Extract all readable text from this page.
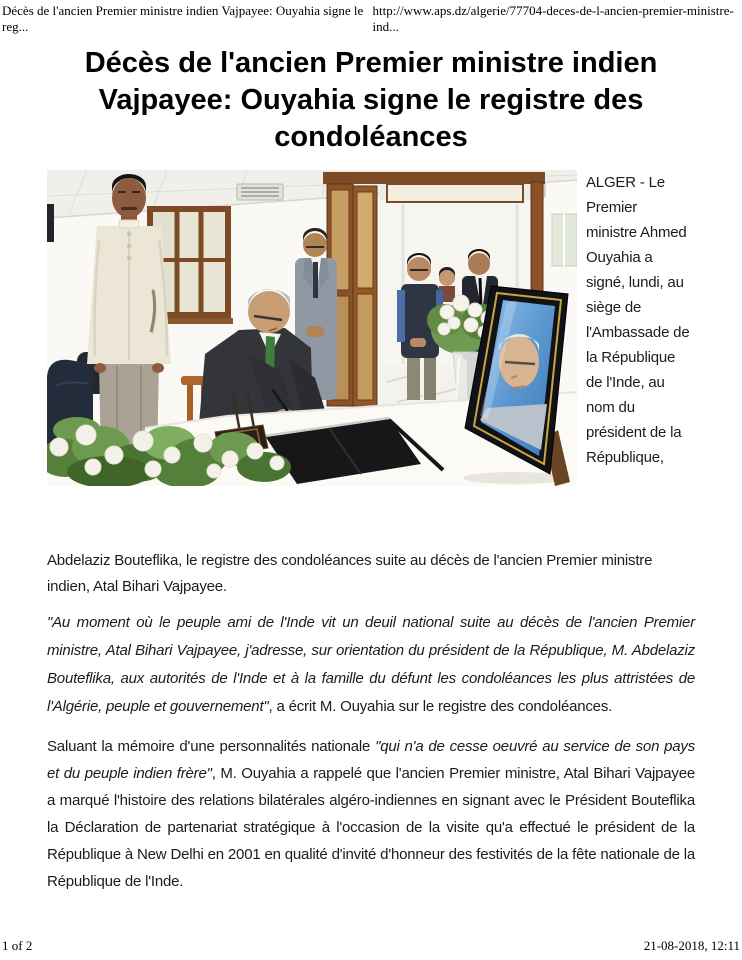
Décès de l'ancien Premier ministre indien Vajpayee: Ouyahia signe le reg...
http://www.aps.dz/algerie/77704-deces-de-l-ancien-premier-ministre-ind...
Décès de l'ancien Premier ministre indien
Vajpayee: Ouyahia signe le registre des
condoléances

ALGER - Le Premier ministre Ahmed Ouyahia a signé, lundi, au siège de l'Ambassade de la République de l'Inde, au nom du président de la République,

Abdelaziz Bouteflika, le registre des condoléances suite au décès de l'ancien Premier ministre indien, Atal Bihari Vajpayee.

"Au moment où le peuple ami de l'Inde vit un deuil national suite au décès de l'ancien Premier ministre, Atal Bihari Vajpayee, j'adresse, sur orientation du président de la République, M. Abdelaziz Bouteflika, aux autorités de l'Inde et à la famille du défunt les condoléances les plus attristées de l'Algérie, peuple et gouvernement", a écrit M. Ouyahia sur le registre des condoléances.

Saluant la mémoire d'une personnalités nationale "qui n'a de cesse oeuvré au service de son pays et du peuple indien frère", M. Ouyahia a rappelé que l'ancien Premier ministre, Atal Bihari Vajpayee a marqué l'histoire des relations bilatérales algéro-indiennes en signant avec le Président Bouteflika la Déclaration de partenariat stratégique à l'occasion de la visite qu'a effectué le président de la République à New Delhi en 2001 en qualité d'invité d'honneur des festivités de la fête nationale de la République de l'Inde.

1 of 2	21-08-2018, 12:11
